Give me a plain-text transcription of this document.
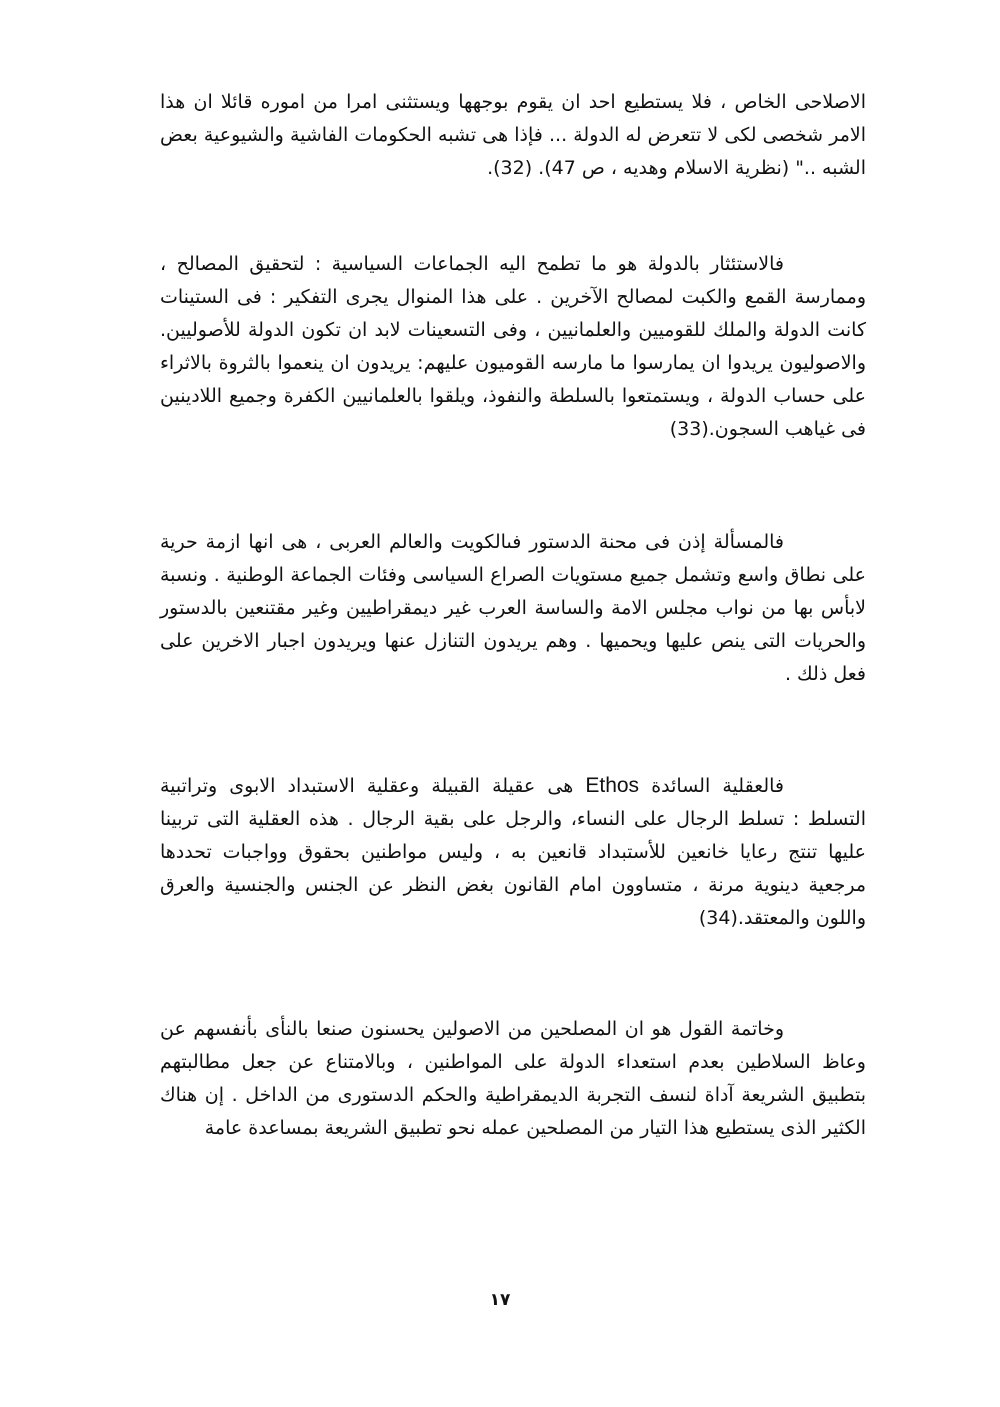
الاصلاحى الخاص ، فلا يستطيع احد ان يقوم بوجهها ويستثنى امرا من اموره قائلا ان هذا الامر شخصى لكى لا تتعرض له الدولة ... فإذا هى تشبه الحكومات الفاشية والشيوعية بعض الشبه .." (نظرية الاسلام وهديه ، ص 47). (32).

فالاستئثار بالدولة هو ما تطمح اليه الجماعات السياسية : لتحقيق المصالح ، وممارسة القمع والكبت لمصالح الآخرين . على هذا المنوال يجرى التفكير : فى الستينات كانت الدولة والملك للقوميين والعلمانيين ، وفى التسعينات لابد ان تكون الدولة للأصوليين. والاصوليون يريدوا ان يمارسوا ما مارسه القوميون عليهم: يريدون ان ينعموا بالثروة بالاثراء على حساب الدولة ، ويستمتعوا بالسلطة والنفوذ، ويلقوا بالعلمانيين الكفرة وجميع اللادينين فى غياهب السجون.(33)

فالمسألة إذن فى محنة الدستور فىالكويت والعالم العربى ، هى انها ازمة حرية على نطاق واسع وتشمل جميع مستويات الصراع السياسى وفئات الجماعة الوطنية . ونسبة لابأس بها من نواب مجلس الامة والساسة العرب غير ديمقراطيين وغير مقتنعين بالدستور والحريات التى ينص عليها ويحميها . وهم يريدون التنازل عنها ويريدون اجبار الاخرين على فعل ذلك .

فالعقلية السائدة Ethos هى عقيلة القبيلة وعقلية الاستبداد الابوى وتراتبية التسلط : تسلط الرجال على النساء، والرجل على بقية الرجال . هذه العقلية التى تربينا عليها تنتج رعايا خانعين للأستبداد قانعين به ، وليس مواطنين بحقوق وواجبات تحددها مرجعية دينوية مرنة ، متساوون امام القانون بغض النظر عن الجنس والجنسية والعرق واللون والمعتقد.(34)

وخاتمة القول هو ان المصلحين من الاصولين يحسنون صنعا بالنأى بأنفسهم عن وعاظ السلاطين بعدم استعداء الدولة على المواطنين ، وبالامتناع عن جعل مطالبتهم بتطبيق الشريعة آداة لنسف التجربة الديمقراطية والحكم الدستورى من الداخل . إن هناك الكثير الذى يستطيع هذا التيار من المصلحين عمله نحو تطبيق الشريعة بمساعدة عامة

١٧
